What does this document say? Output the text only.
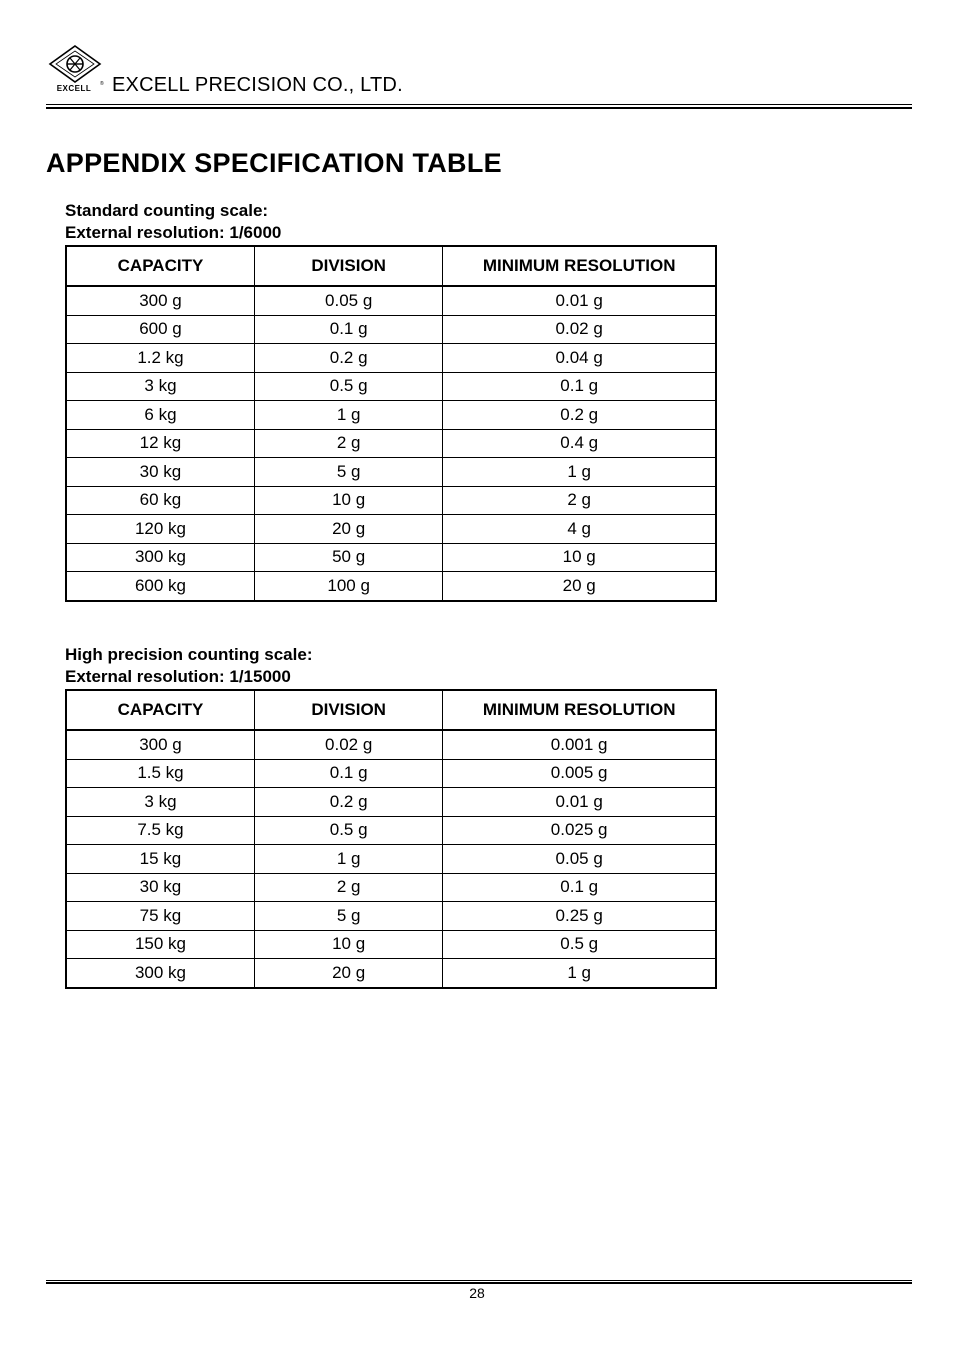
EXCELL ® EXCELL PRECISION CO., LTD.
APPENDIX SPECIFICATION TABLE
Standard counting scale:
External resolution: 1/6000
CAPACITY	DIVISION	MINIMUM RESOLUTION
300 g	0.05 g	0.01 g
600 g	0.1 g	0.02 g
1.2 kg	0.2 g	0.04 g
3 kg	0.5 g	0.1 g
6 kg	1 g	0.2 g
12 kg	2 g	0.4 g
30 kg	5 g	1 g
60 kg	10 g	2 g
120 kg	20 g	4 g
300 kg	50 g	10 g
600 kg	100 g	20 g
High precision counting scale:
External resolution: 1/15000
CAPACITY	DIVISION	MINIMUM RESOLUTION
300 g	0.02 g	0.001 g
1.5 kg	0.1 g	0.005 g
3 kg	0.2 g	0.01 g
7.5 kg	0.5 g	0.025 g
15 kg	1 g	0.05 g
30 kg	2 g	0.1 g
75 kg	5 g	0.25 g
150 kg	10 g	0.5 g
300 kg	20 g	1 g
28
